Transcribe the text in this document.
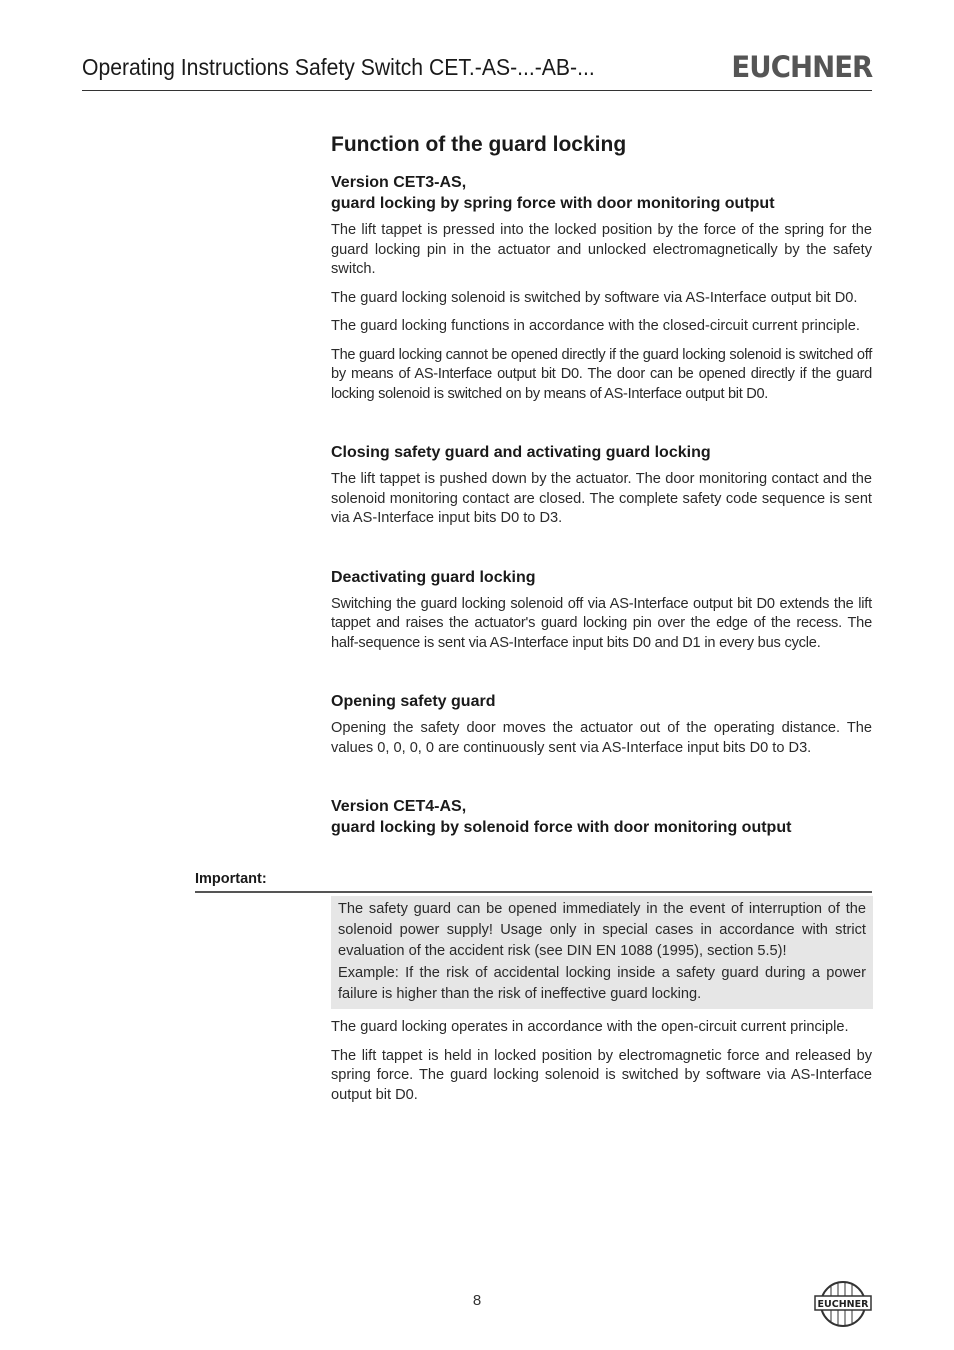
Operating Instructions Safety Switch CET.-AS-...-AB-...	EUCHNER
Function of the guard locking
Version CET3-AS,
guard locking by spring force with door monitoring output

The lift tappet is pressed into the locked position by the force of the spring for the guard locking pin in the actuator and unlocked electromagnetically by the safety switch.

The guard locking solenoid is switched by software via AS-Interface output bit D0.

The guard locking functions in accordance with the closed-circuit current principle.

The guard locking cannot be opened directly if the guard locking solenoid is switched off by means of AS-Interface output bit D0. The door can be opened directly if the guard locking solenoid is switched on by means of AS-Interface output bit D0.

Closing safety guard and activating guard locking

The lift tappet is pushed down by the actuator. The door monitoring contact and the solenoid monitoring contact are closed. The complete safety code sequence is sent via AS-Interface input bits D0 to D3.

Deactivating guard locking

Switching the guard locking solenoid off via AS-Interface output bit D0 extends the lift tappet and raises the actuator's guard locking pin over the edge of the recess. The half-sequence is sent via AS-Interface input bits D0 and D1 in every bus cycle.

Opening safety guard

Opening the safety door moves the actuator out of the operating distance. The values 0, 0, 0, 0 are continuously sent via AS-Interface input bits D0 to D3.

Version CET4-AS,
guard locking by solenoid force with door monitoring output
Important:
The safety guard can be opened immediately in the event of interruption of the solenoid power supply! Usage only in special cases in accordance with strict evaluation of the accident risk (see DIN EN 1088 (1995), section 5.5)!
Example: If the risk of accidental locking inside a safety guard during a power failure is higher than the risk of ineffective guard locking.

The guard locking operates in accordance with the open-circuit current principle.

The lift tappet is held in locked position by electromagnetic force and released by spring force. The guard locking solenoid is switched by software via AS-Interface output bit D0.

8	EUCHNER
